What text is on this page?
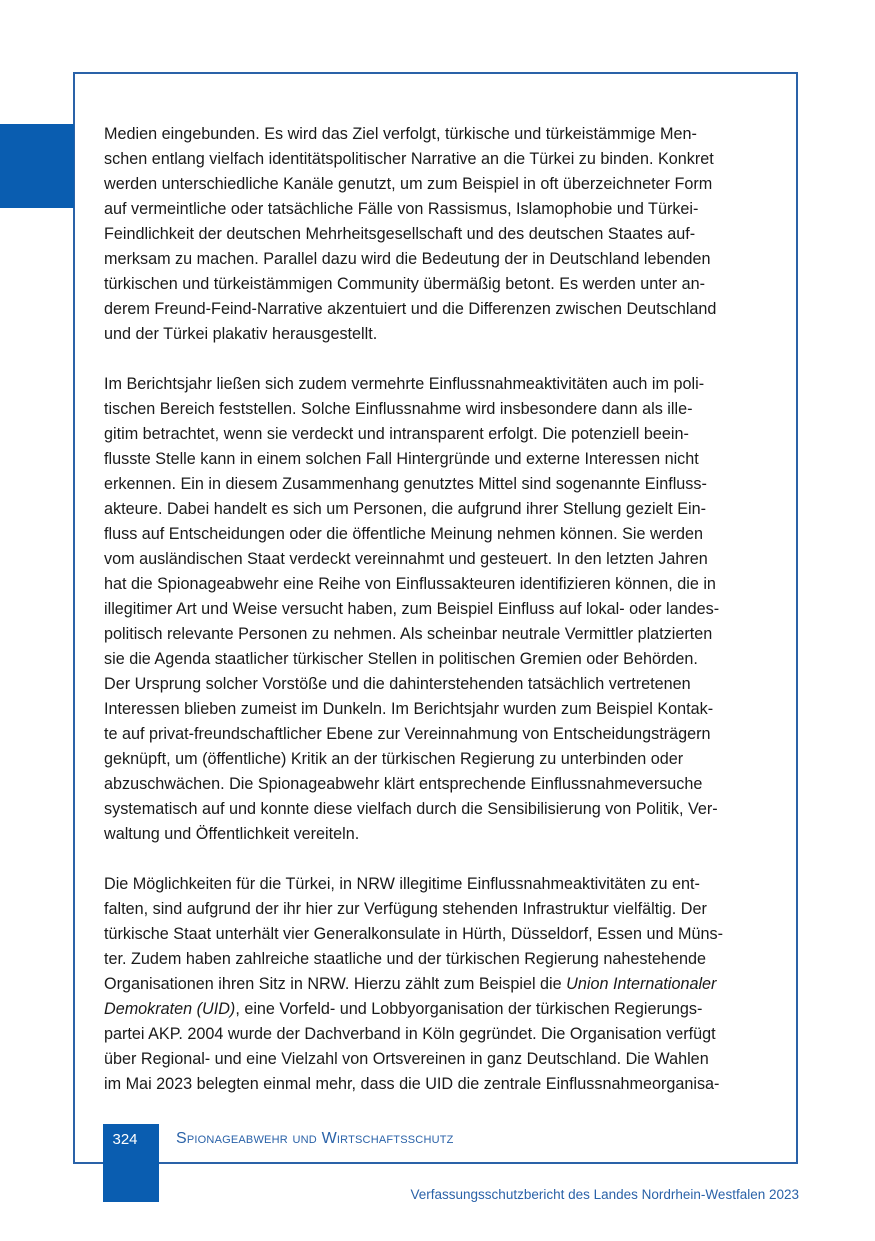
Medien eingebunden. Es wird das Ziel verfolgt, türkische und türkeistämmige Men-
schen entlang vielfach identitätspolitischer Narrative an die Türkei zu binden. Konkret
werden unterschiedliche Kanäle genutzt, um zum Beispiel in oft überzeichneter Form
auf vermeintliche oder tatsächliche Fälle von Rassismus, Islamophobie und Türkei-
Feindlichkeit der deutschen Mehrheitsgesellschaft und des deutschen Staates auf-
merksam zu machen. Parallel dazu wird die Bedeutung der in Deutschland lebenden
türkischen und türkeistämmigen Community übermäßig betont. Es werden unter an-
derem Freund-Feind-Narrative akzentuiert und die Differenzen zwischen Deutschland
und der Türkei plakativ herausgestellt.

Im Berichtsjahr ließen sich zudem vermehrte Einflussnahmeaktivitäten auch im poli-
tischen Bereich feststellen. Solche Einflussnahme wird insbesondere dann als ille-
gitim betrachtet, wenn sie verdeckt und intransparent erfolgt. Die potenziell beein-
flusste Stelle kann in einem solchen Fall Hintergründe und externe Interessen nicht
erkennen. Ein in diesem Zusammenhang genutztes Mittel sind sogenannte Einfluss-
akteure. Dabei handelt es sich um Personen, die aufgrund ihrer Stellung gezielt Ein-
fluss auf Entscheidungen oder die öffentliche Meinung nehmen können. Sie werden
vom ausländischen Staat verdeckt vereinnahmt und gesteuert. In den letzten Jahren
hat die Spionageabwehr eine Reihe von Einflussakteuren identifizieren können, die in
illegitimer Art und Weise versucht haben, zum Beispiel Einfluss auf lokal- oder landes-
politisch relevante Personen zu nehmen. Als scheinbar neutrale Vermittler platzierten
sie die Agenda staatlicher türkischer Stellen in politischen Gremien oder Behörden.
Der Ursprung solcher Vorstöße und die dahinterstehenden tatsächlich vertretenen
Interessen blieben zumeist im Dunkeln. Im Berichtsjahr wurden zum Beispiel Kontak-
te auf privat-freundschaftlicher Ebene zur Vereinnahmung von Entscheidungsträgern
geknüpft, um (öffentliche) Kritik an der türkischen Regierung zu unterbinden oder
abzuschwächen. Die Spionageabwehr klärt entsprechende Einflussnahmeversuche
systematisch auf und konnte diese vielfach durch die Sensibilisierung von Politik, Ver-
waltung und Öffentlichkeit vereiteln.

Die Möglichkeiten für die Türkei, in NRW illegitime Einflussnahmeaktivitäten zu ent-
falten, sind aufgrund der ihr hier zur Verfügung stehenden Infrastruktur vielfältig. Der
türkische Staat unterhält vier Generalkonsulate in Hürth, Düsseldorf, Essen und Müns-
ter. Zudem haben zahlreiche staatliche und der türkischen Regierung nahestehende
Organisationen ihren Sitz in NRW. Hierzu zählt zum Beispiel die Union Internationaler
Demokraten (UID), eine Vorfeld- und Lobbyorganisation der türkischen Regierungs-
partei AKP. 2004 wurde der Dachverband in Köln gegründet. Die Organisation verfügt
über Regional- und eine Vielzahl von Ortsvereinen in ganz Deutschland. Die Wahlen
im Mai 2023 belegten einmal mehr, dass die UID die zentrale Einflussnahmeorganisa-

324	Spionageabwehr und Wirtschaftsschutz
Verfassungsschutzbericht des Landes Nordrhein-Westfalen 2023
